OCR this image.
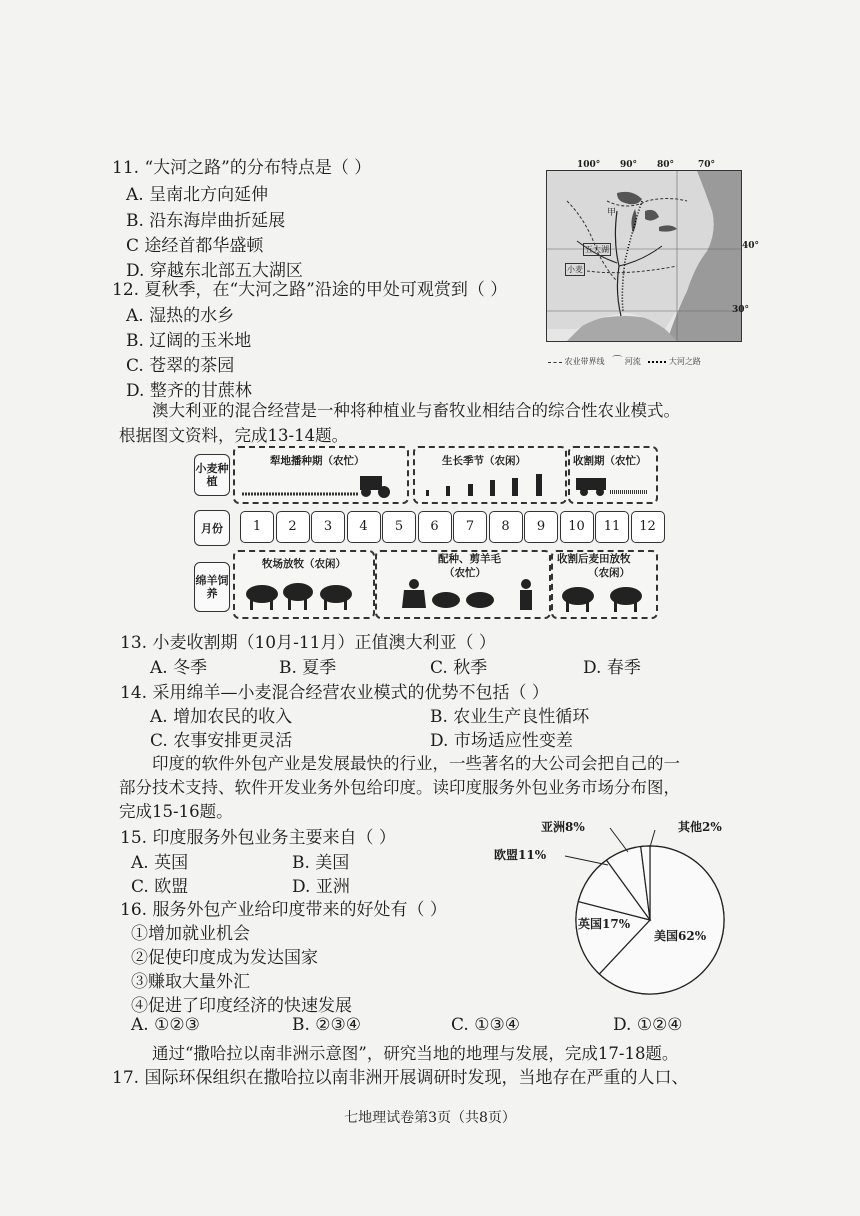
11. “大河之路”的分布特点是（ ）
A. 呈南北方向延伸
B. 沿东海岸曲折延展
C 途经首都华盛顿
D. 穿越东北部五大湖区
12. 夏秋季，在“大河之路”沿途的甲处可观赏到（ ）
A. 湿热的水乡
B. 辽阔的玉米地
C. 苍翠的茶园
D. 整齐的甘蔗林
100° 90° 80°	70°
甲
五大湖
小麦
40°
30°
农业带界线 ⌒ 河流	大河之路
澳大利亚的混合经营是一种将种植业与畜牧业相结合的综合性农业模式。
根据图文资料，完成13-14题。
小麦种植
月份
绵羊饲养
犁地播种期（农忙）	生长季节（农闲）	收割期（农忙）
1	2	3	4	5	6	7	8	9	10	11	12
牧场放牧（农闲）	配种、剪羊毛
（农忙）
收割后麦田放牧
（农闲）
13. 小麦收割期（10月-11月）正值澳大利亚（ ）
A. 冬季	B. 夏季	C. 秋季	D. 春季
14. 采用绵羊—小麦混合经营农业模式的优势不包括（ ）
A. 增加农民的收入	B. 农业生产良性循环
C. 农事安排更灵活	D. 市场适应性变差
印度的软件外包产业是发展最快的行业，一些著名的大公司会把自己的一
部分技术支持、软件开发业务外包给印度。读印度服务外包业务市场分布图，
完成15-16题。
15. 印度服务外包业务主要来自（ ）
A. 英国	B. 美国
C. 欧盟	D. 亚洲
16. 服务外包产业给印度带来的好处有（ ）
①增加就业机会
②促使印度成为发达国家
③赚取大量外汇
④促进了印度经济的快速发展
A. ①②③	B. ②③④	C. ①③④	D. ①②④
美国62%
英国17%
欧盟11%
亚洲8%	其他2%
通过“撒哈拉以南非洲示意图”，研究当地的地理与发展，完成17-18题。
17. 国际环保组织在撒哈拉以南非洲开展调研时发现，当地存在严重的人口、
七地理试卷第3页（共8页）
